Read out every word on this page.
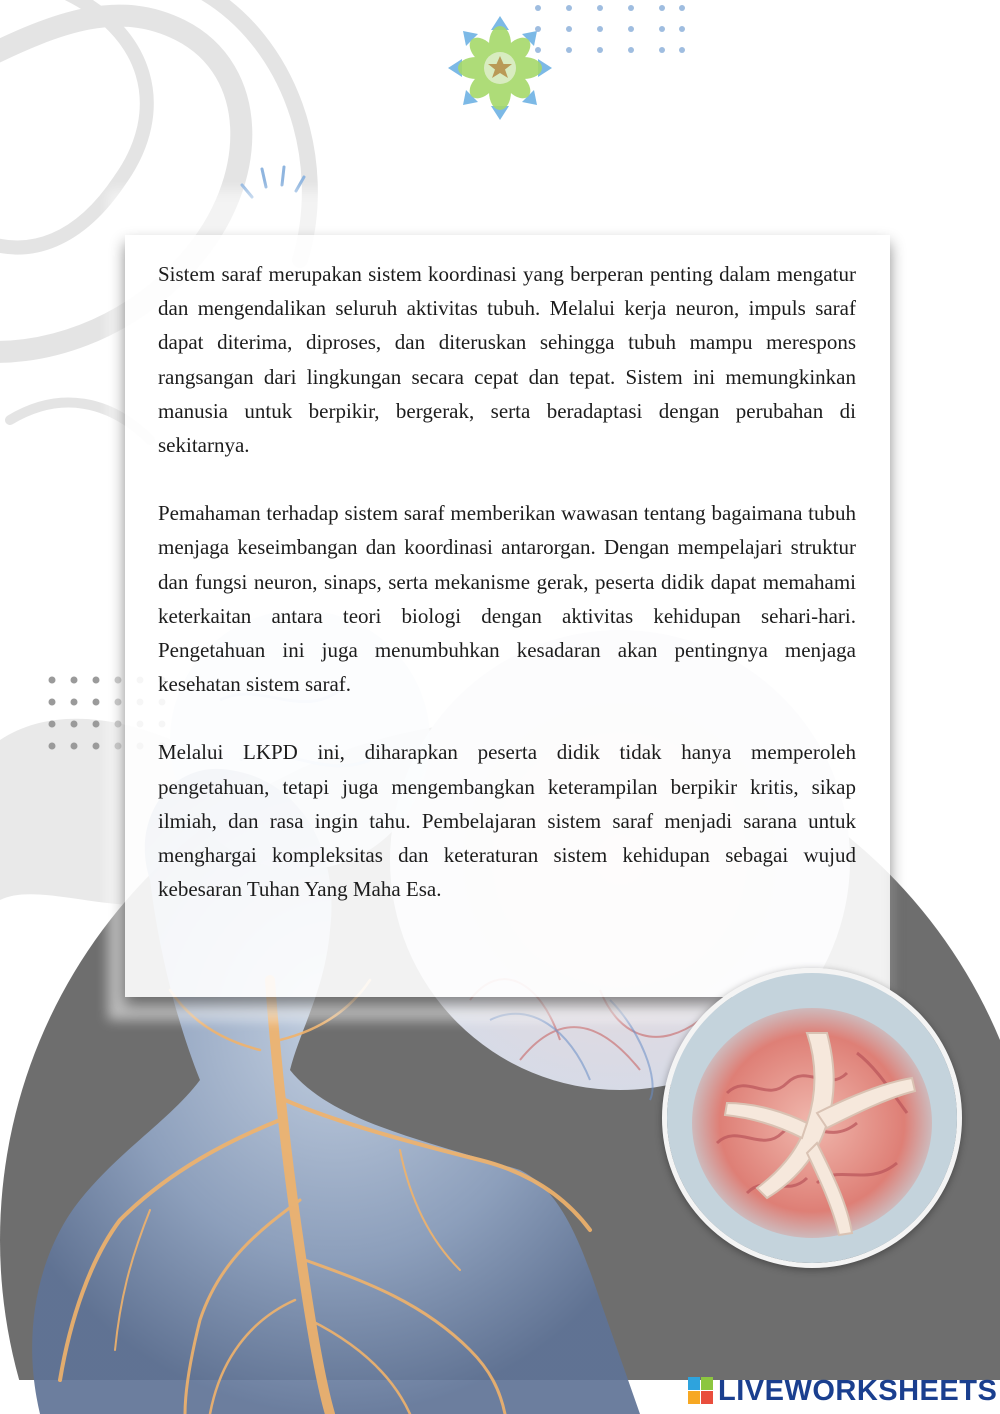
Sistem saraf merupakan sistem koordinasi yang berperan penting dalam mengatur dan mengendalikan seluruh aktivitas tubuh. Melalui kerja neuron, impuls saraf dapat diterima, diproses, dan diteruskan sehingga tubuh mampu merespons rangsangan dari lingkungan secara cepat dan tepat. Sistem ini memungkinkan manusia untuk berpikir, bergerak, serta beradaptasi dengan perubahan di sekitarnya.

Pemahaman terhadap sistem saraf memberikan wawasan tentang bagaimana tubuh menjaga keseimbangan dan koordinasi antarorgan. Dengan mempelajari struktur dan fungsi neuron, sinaps, serta mekanisme gerak, peserta didik dapat memahami keterkaitan antara teori biologi dengan aktivitas kehidupan sehari-hari. Pengetahuan ini juga menumbuhkan kesadaran akan pentingnya menjaga kesehatan sistem saraf.

Melalui LKPD ini, diharapkan peserta didik tidak hanya memperoleh pengetahuan, tetapi juga mengembangkan keterampilan berpikir kritis, sikap ilmiah, dan rasa ingin tahu. Pembelajaran sistem saraf menjadi sarana untuk menghargai kompleksitas dan keteraturan sistem kehidupan sebagai wujud kebesaran Tuhan Yang Maha Esa.

LIVEWORKSHEETS
